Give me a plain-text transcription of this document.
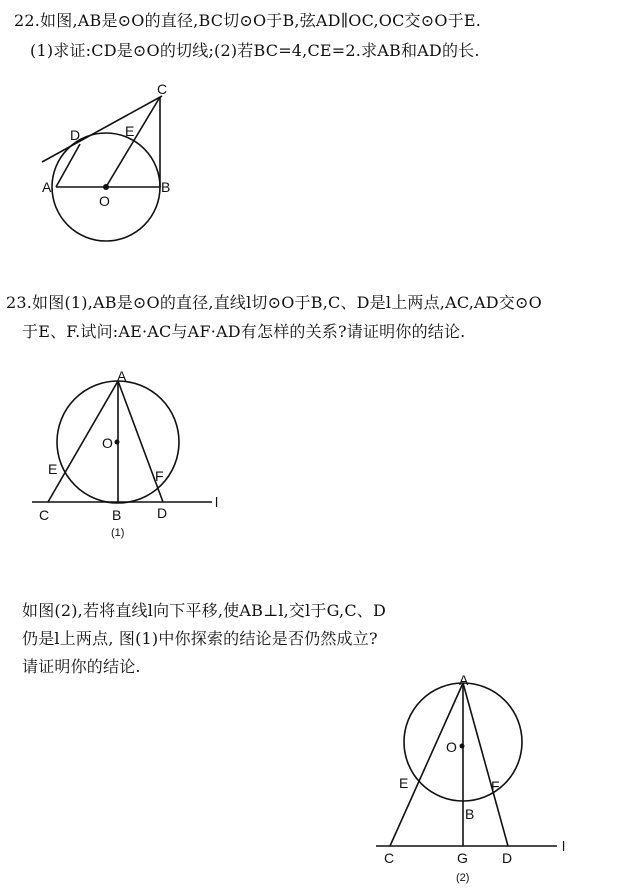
22.如图,AB是⊙O的直径,BC切⊙O于B,弦AD∥OC,OC交⊙O于E.
(1)求证:CD是⊙O的切线;(2)若BC=4,CE=2.求AB和AD的长.
C
D	E
A	B
O
23.如图(1),AB是⊙O的直径,直线l切⊙O于B,C、D是l上两点,AC,AD交⊙O
于E、F.试问:AE·AC与AF·AD有怎样的关系?请证明你的结论.
A
O
E	F
l
C	B	D
(1)
如图(2),若将直线l向下平移,使AB⊥l,交l于G,C、D
仍是l上两点, 图(1)中你探索的结论是否仍然成立?
请证明你的结论.
A
O
E	F
B
l
C	G D
(2)
